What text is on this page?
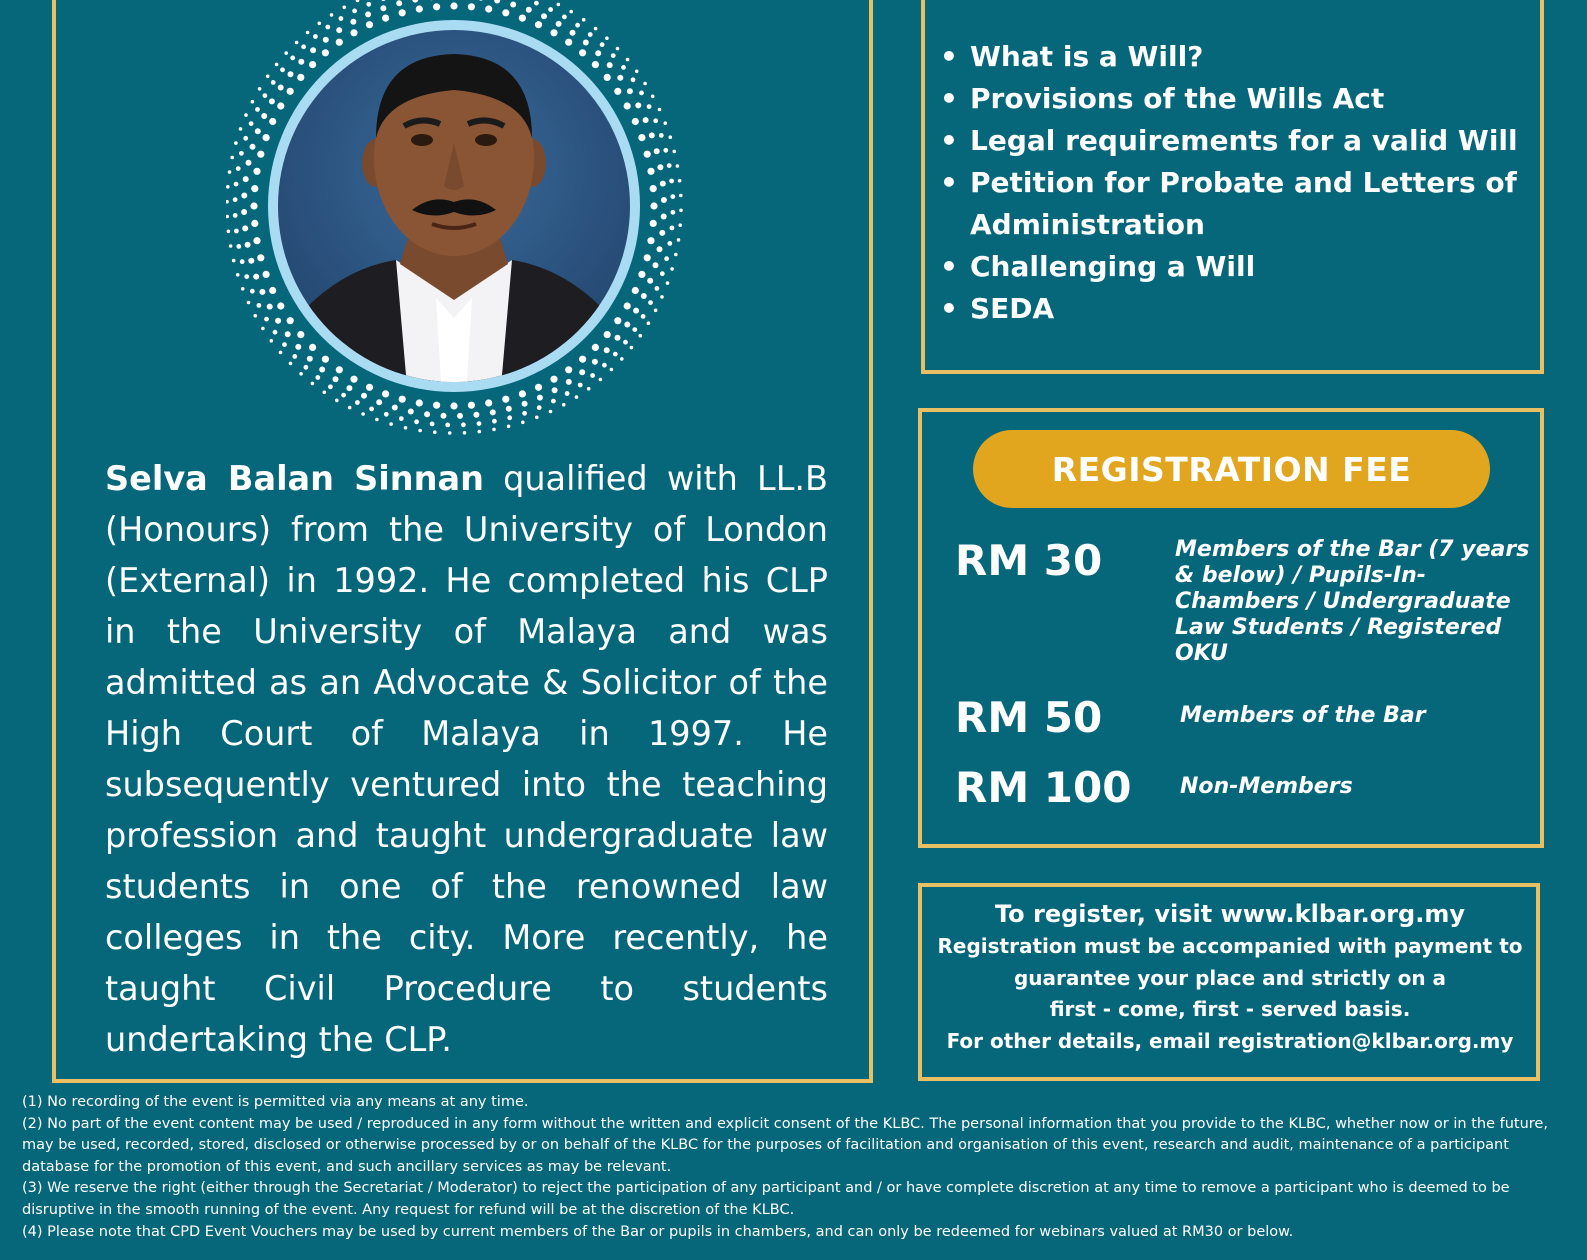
Selva Balan Sinnan qualified with LL.B (Honours) from the University of London (External) in 1992. He completed his CLP in the University of Malaya and was admitted as an Advocate & Solicitor of the High Court of Malaya in 1997. He subsequently ventured into the teaching profession and taught undergraduate law students in one of the renowned law colleges in the city. More recently, he taught Civil Procedure to students undertaking the CLP.

• What is a Will?
• Provisions of the Wills Act
• Legal requirements for a valid Will
• Petition for Probate and Letters of Administration
• Challenging a Will
• SEDA
REGISTRATION FEE
RM 30	Members of the Bar (7 years & below) / Pupils-In-Chambers / Undergraduate Law Students / Registered OKU
RM 50	Members of the Bar
RM 100 Non-Members
To register, visit www.klbar.org.my
Registration must be accompanied with payment to
guarantee your place and strictly on a
first - come, first - served basis.
For other details, email registration@klbar.org.my

(1) No recording of the event is permitted via any means at any time.

(2) No part of the event content may be used / reproduced in any form without the written and explicit consent of the KLBC. The personal information that you provide to the KLBC, whether now or in the future, may be used, recorded, stored, disclosed or otherwise processed by or on behalf of the KLBC for the purposes of facilitation and organisation of this event, research and audit, maintenance of a participant database for the promotion of this event, and such ancillary services as may be relevant.

(3) We reserve the right (either through the Secretariat / Moderator) to reject the participation of any participant and / or have complete discretion at any time to remove a participant who is deemed to be disruptive in the smooth running of the event. Any request for refund will be at the discretion of the KLBC.

(4) Please note that CPD Event Vouchers may be used by current members of the Bar or pupils in chambers, and can only be redeemed for webinars valued at RM30 or below.
